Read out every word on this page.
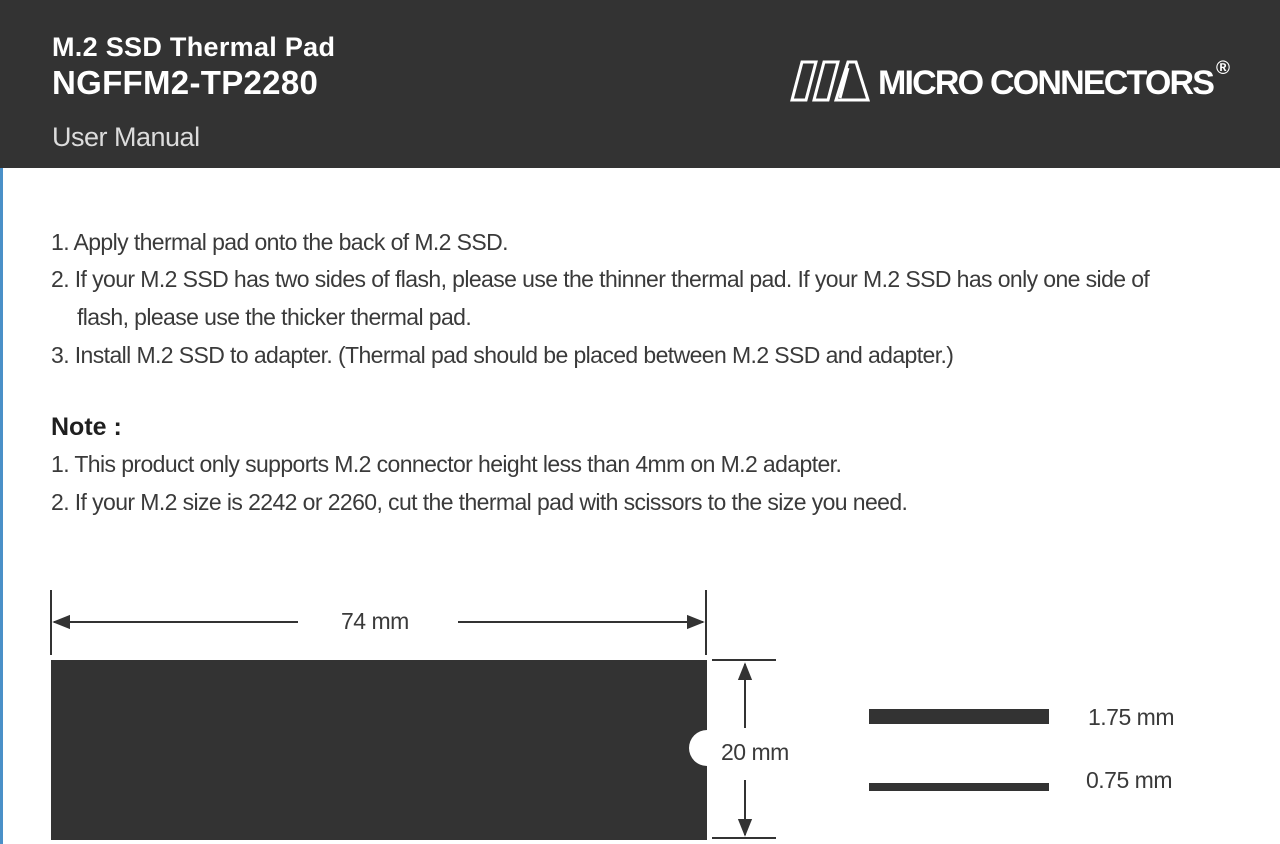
M.2 SSD Thermal Pad
NGFFM2-TP2280
User Manual
MICRO CONNECTORS ®
1. Apply thermal pad onto the back of M.2 SSD.
2. If your M.2 SSD has two sides of flash, please use the thinner thermal pad. If your M.2 SSD has only one side of
flash, please use the thicker thermal pad.
3. Install M.2 SSD to adapter. (Thermal pad should be placed between M.2 SSD and adapter.)
Note :
1. This product only supports M.2 connector height less than 4mm on M.2 adapter.
2. If your M.2 size is 2242 or 2260, cut the thermal pad with scissors to the size you need.
74 mm
20 mm
1.75 mm
0.75 mm
